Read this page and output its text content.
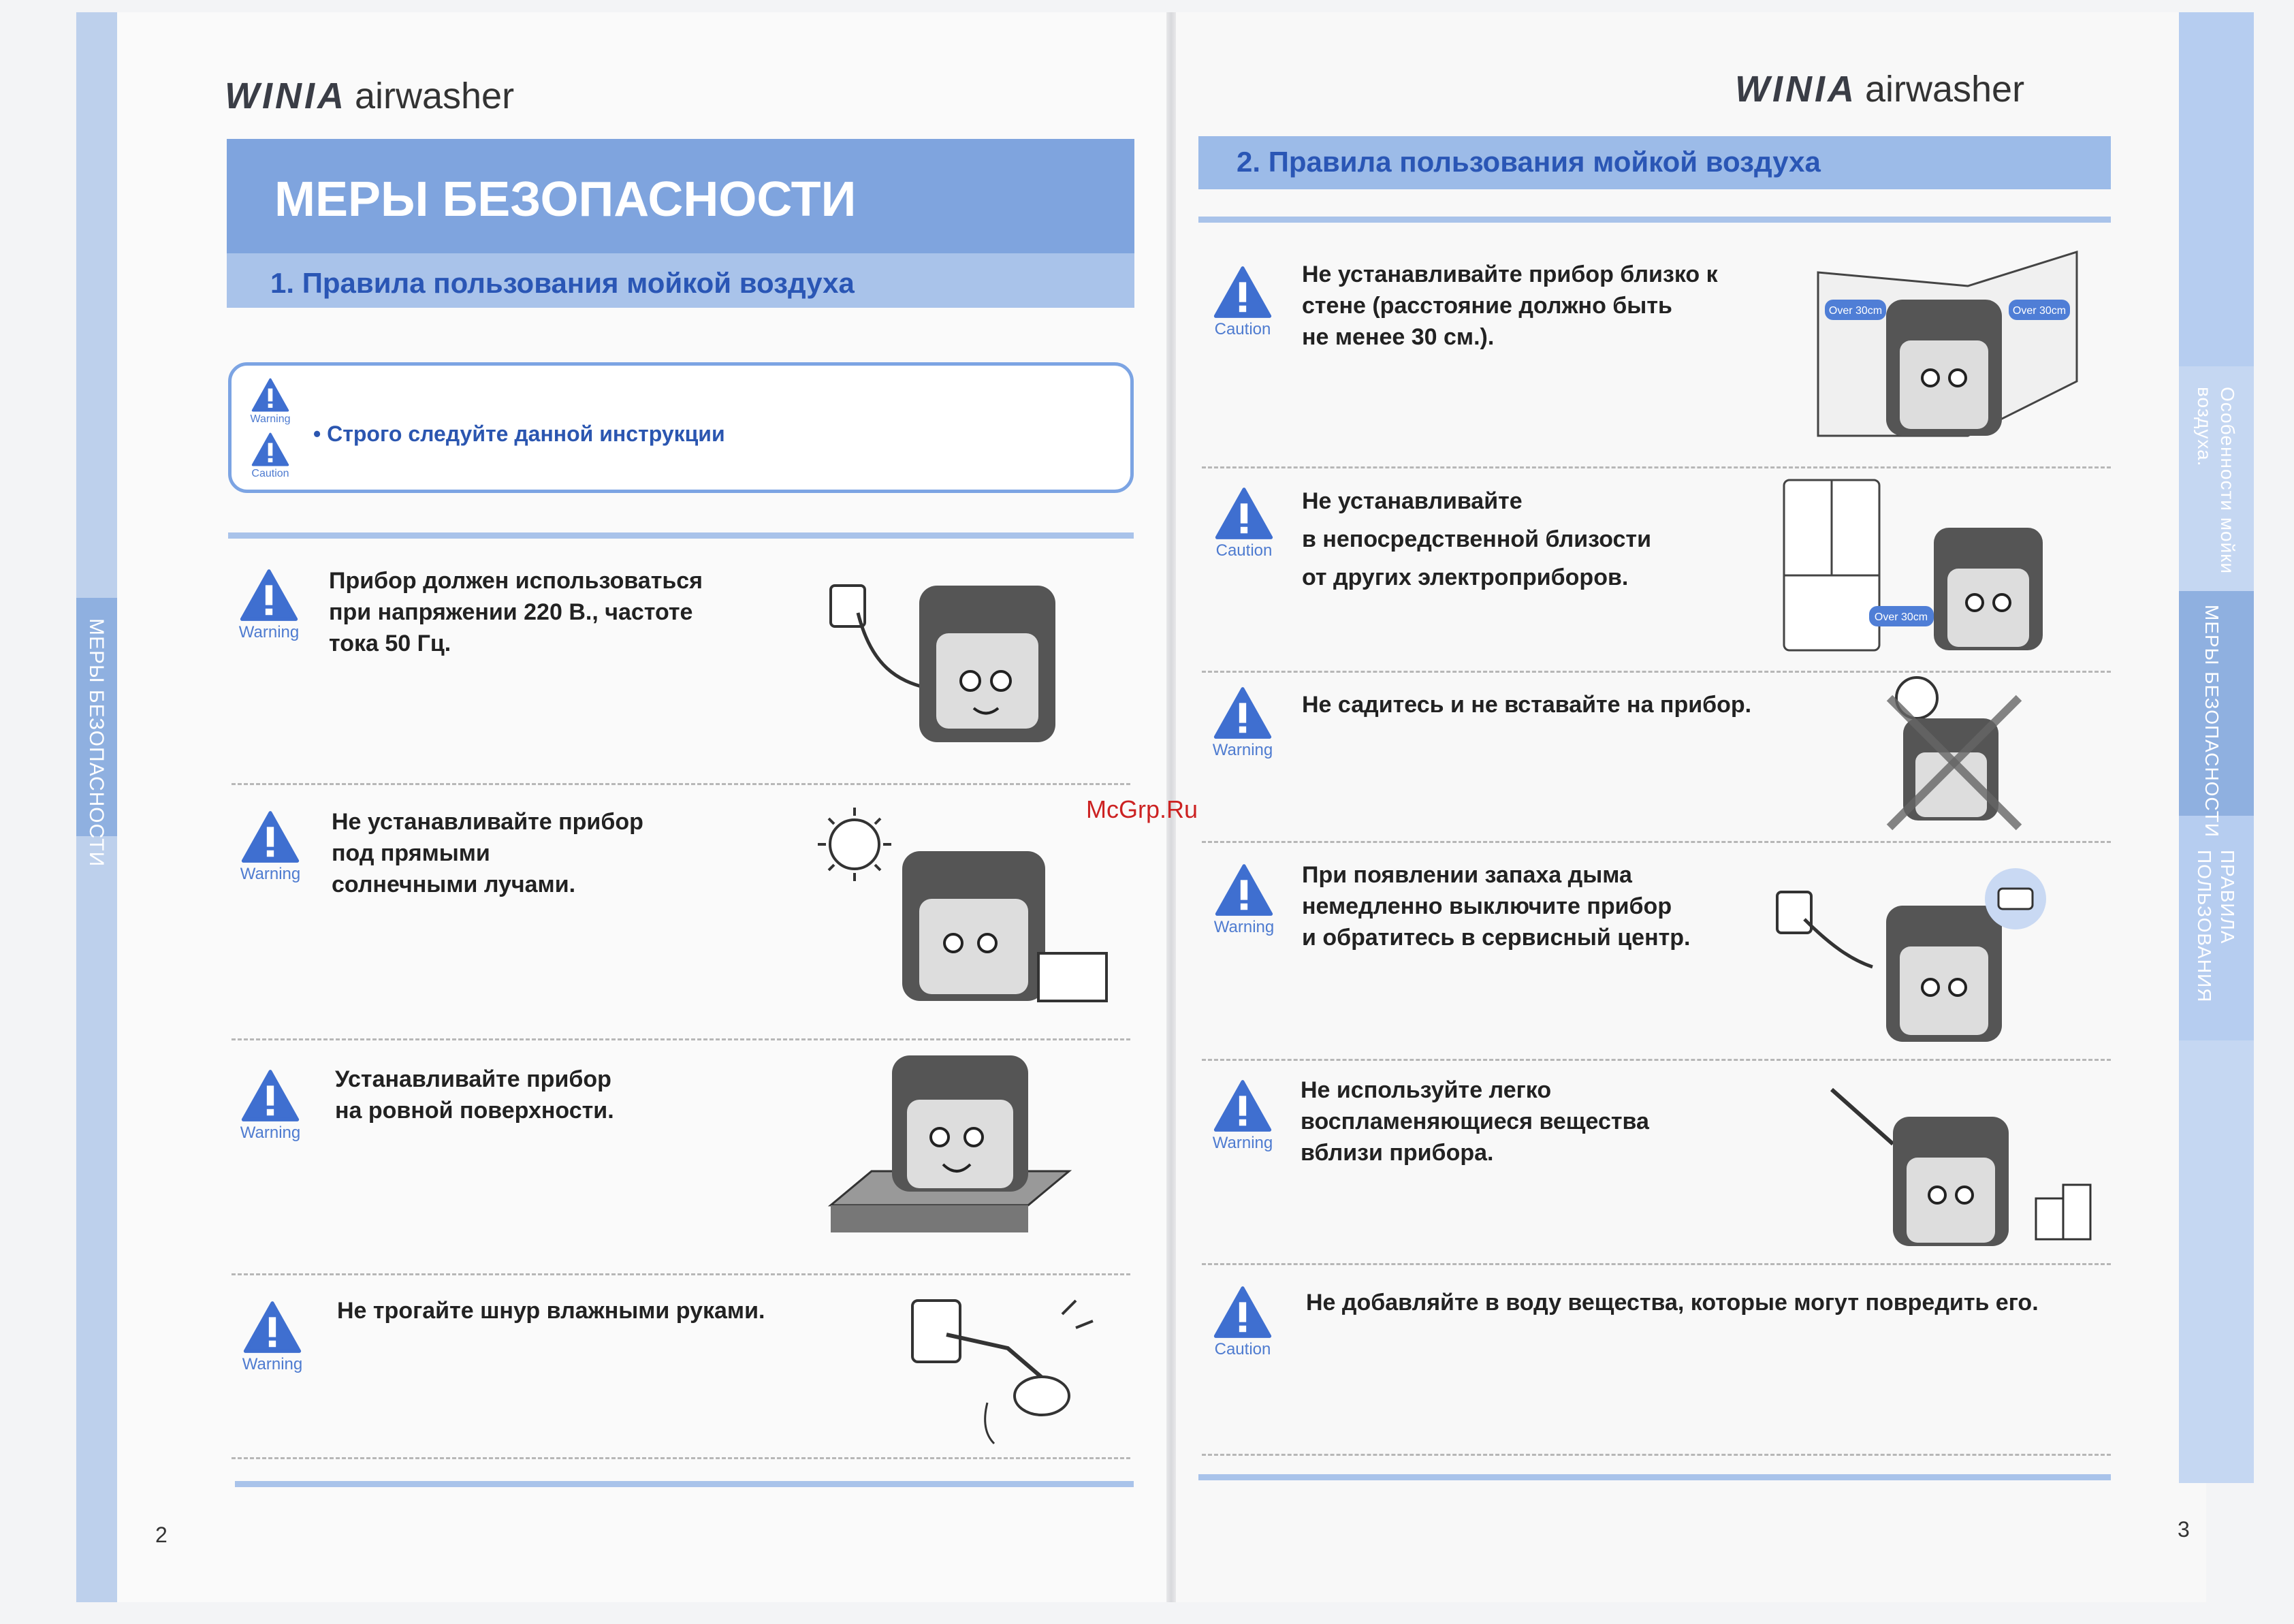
МЕРЫ БЕЗОПАСНОСТИ
Особенности мойки
воздуха.
МЕРЫ БЕЗОПАСНОСТИ
ПРАВИЛА
ПОЛЬЗОВАНИЯ
WINIA airwasher	WINIA airwasher
МЕРЫ БЕЗОПАСНОСТИ
1. Правила пользования мойкой воздуха
Warning
Caution
• Строго следуйте данной инструкции
Warning
Прибор должен использоваться
при напряжении 220 В., частоте
тока 50 Гц.
Warning
Не устанавливайте прибор
под прямыми
солнечными лучами.
Warning
Устанавливайте прибор
на ровной поверхности.
Warning
Не трогайте шнур влажными руками.
2
2. Правила пользования мойкой воздуха
Caution
Не устанавливайте прибор близко к
стене (расстояние должно быть
не менее 30 см.).
Over 30cm	Over 30cm
Caution
Не устанавливайте
в непосредственной близости
от других электроприборов.
Over 30cm
Warning
Не садитесь и не вставайте на прибор.
Warning
При появлении запаха дыма
немедленно выключите прибор
и обратитесь в сервисный центр.
Warning
Не используйте легко
воспламеняющиеся вещества
вблизи прибора.
Caution
Не добавляйте в воду вещества, которые могут повредить его.
3
McGrp.Ru
